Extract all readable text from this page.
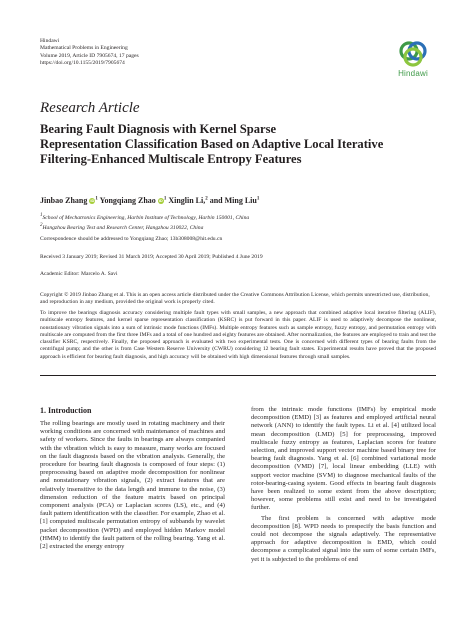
Hindawi
Mathematical Problems in Engineering
Volume 2019, Article ID 7905674, 17 pages
https://doi.org/10.1155/2019/7905674
Hindawi
Research Article
Bearing Fault Diagnosis with Kernel Sparse
Representation Classification Based on Adaptive Local Iterative
Filtering-Enhanced Multiscale Entropy Features
Jinbao Zhang $iD^1$ Yongqiang Zhao $iD^1$ Xinglin Li,$^2$ and Ming Liu$^1$
$^1$School of Mechatronics Engineering, Harbin Institute of Technology, Harbin 150001, China
$^2$Hangzhou Bearing Test and Research Center, Hangzhou 310022, China
Correspondence should be addressed to Yongqiang Zhao; 13b308008@hit.edu.cn
Received 3 January 2019; Revised 31 March 2019; Accepted 30 April 2019; Published 4 June 2019
Academic Editor: Marcelo A. Savi
Copyright © 2019 Jinbao Zhang et al. This is an open access article distributed under the Creative Commons Attribution License, which permits unrestricted use, distribution, and reproduction in any medium, provided the original work is properly cited.
To improve the bearings diagnosis accuracy considering multiple fault types with small samples, a new approach that combined adaptive local iterative filtering (ALIF), multiscale entropy features, and kernel sparse representation classification (KSRC) is put forward in this paper. ALIF is used to adaptively decompose the nonlinear, nonstationary vibration signals into a sum of intrinsic mode functions (IMFs). Multiple entropy features such as sample entropy, fuzzy entropy, and permutation entropy with multiscale are computed from the first three IMFs and a total of one hundred and eighty features are obtained. After normalization, the features are employed to train and test the classifier KSRC, respectively. Finally, the proposed approach is evaluated with two experimental tests. One is concerned with different types of bearing faults from the centrifugal pump; and the other is from Case Western Reserve University (CWRU) considering 12 bearing fault states. Experimental results have proved that the proposed approach is efficient for bearing fault diagnosis, and high accuracy will be obtained with high dimensional features through small samples.
1. Introduction

The rolling bearings are mostly used in rotating machinery and their working conditions are concerned with maintenance of machines and safety of workers. Since the faults in bearings are always companied with the vibration which is easy to measure, many works are focused on the fault diagnosis based on the vibration analysis. Generally, the procedure for bearing fault diagnosis is composed of four steps: (1) preprocessing based on adaptive mode decomposition for nonlinear and nonstationary vibration signals, (2) extract features that are relatively insensitive to the data length and immune to the noise, (3) dimension reduction of the feature matrix based on principal component analysis (PCA) or Laplacian scores (LS), etc., and (4) fault pattern identification with the classifier. For example, Zhao et al. [1] computed multiscale permutation entropy of subbands by wavelet packet decomposition (WPD) and employed hidden Markov model (HMM) to identify the fault pattern of the rolling bearing. Yang et al. [2] extracted the energy entropy

from the intrinsic mode functions (IMFs) by empirical mode decomposition (EMD) [3] as features and employed artificial neural network (ANN) to identify the fault types. Li et al. [4] utilized local mean decomposition (LMD) [5] for preprocessing, improved multiscale fuzzy entropy as features, Laplacian scores for feature selection, and improved support vector machine based binary tree for bearing fault diagnosis. Yang et al. [6] combined variational mode decomposition (VMD) [7], local linear embedding (LLE) with support vector machine (SVM) to diagnose mechanical faults of the rotor-bearing-casing system. Good effects in bearing fault diagnosis have been realized to some extent from the above description; however, some problems still exist and need to be investigated further.

The first problem is concerned with adaptive mode decomposition [8]. WPD needs to prespecify the basis function and could not decompose the signals adaptively. The representative approach for adaptive decomposition is EMD, which could decompose a complicated signal into the sum of some certain IMFs, yet it is subjected to the problems of end
